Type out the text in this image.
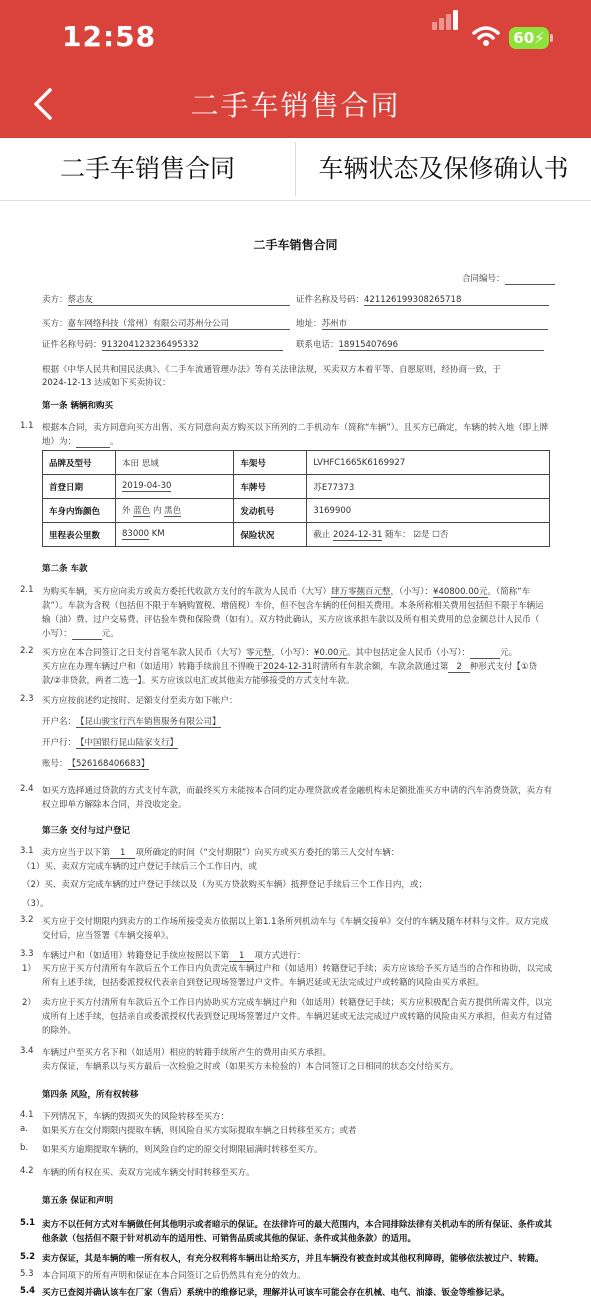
12:58	60⚡
二手车销售合同
二手车销售合同	车辆状态及保修确认书
二手车销售合同
合同编号：
卖方：蔡志友	证件名称及号码：421126199308265718
买方：嘉车网络科技（常州）有限公司苏州分公司	地址：苏州市
证件名称号码：913204123236495332	联系电话：18915407696
根据《中华人民共和国民法典》、《二手车流通管理办法》等有关法律法规，买卖双方本着平等、自愿原则，经协商一致，于
2024-12-13 达成如下买卖协议：
第一条 辆辆和购买
1.1 根据本合同，卖方同意向买方出售、买方同意向卖方购买以下所列的二手机动车（简称“车辆”）。且买方已确定，车辆的转入地（即上牌
地）为：	。
品牌及型号	本田 思域	车架号	LVHFC1665K6169927
首登日期	2019-04-30	车牌号	苏E77373
车身内饰颜色	外 蓝色 内 黑色	发动机号	3169900
里程表公里数	83000 KM	保险状况	截止 2024-12-31 随车： ☑是 ☐否
第二条 车款
2.1 为购买车辆，买方应向卖方或卖方委托代收款方支付的车款为人民币（大写）肆万零捌百元整，（小写）：¥40800.00元。（简称“车
款”）。车款为含税（包括但不限于车辆购置税、增值税）车价，但不包含车辆的任何相关费用。本条所称相关费用包括但不限于车辆运
输（油）费、过户交易费、评估验车费和保险费（如有）。双方特此确认，买方应该承担车款以及所有相关费用的总金额总计人民币（
小写）：	元。
2.2 买方应在本合同签订之日支付首笔车款人民币（大写）零元整，（小写）：¥0.00元。其中包括定金人民币（小写）：	元。
买方应在办理车辆过户和（如适用）转籍手续前且不得晚于2024-12-31时清所有车款余额，车款余款通过第 2 种形式支付【①贷
款/②非贷款，两者二选一】。买方应该以电汇或其他卖方能够接受的方式支付车款。
2.3 买方应按前述约定按时、足额支付至卖方如下帐户：
开户名：【昆山骏宝行汽车销售服务有限公司】
开户行：【中国银行昆山陆家支行】
账号：【526168406683】
2.4 如买方选择通过贷款的方式支付车款，而最终买方未能按本合同约定办理贷款或者金融机构未足额批准买方申请的汽车消费贷款，卖方有
权立即单方解除本合同，并没收定金。
第三条 交付与过户登记
3.1 卖方应当于以下第 1 项所确定的时间（“交付期限”）向买方或买方委托的第三人交付车辆：
（1）买、卖双方完成车辆的过户登记手续后三个工作日内，或
（2）买、卖双方完成车辆的过户登记手续以及（为买方贷款购买车辆）抵押登记手续后三个工作日内，或；
（3）。
3.2 买方应于交付期限内到卖方的工作场所接受卖方依据以上第1.1条所列机动车与《车辆交接单》交付的车辆及随车材料与文件。双方完成
交付后，应当签署《车辆交接单》。
3.3 车辆过户和（如适用）转籍登记手续应按照以下第 1 项方式进行：
1） 买方应于买方付清所有车款后五个工作日内负责完成车辆过户和（如适用）转籍登记手续；卖方应该给予买方适当的合作和协助，以完成
所有上述手续，包括委派授权代表亲自到登记现场签署过户文件。车辆迟延或无法完成过户或转籍的风险由买方承担。
2） 卖方应于买方付清所有车款后五个工作日内协助买方完成车辆过户和（如适用）转籍登记手续；买方应积极配合卖方提供所需文件，以完
成所有上述手续，包括亲自或委派授权代表到登记现场签署过户文件。车辆迟延或无法完成过户或转籍的风险由买方承担，但卖方有过错
的除外。
3.4 车辆过户至买方名下和（如适用）相应的转籍手续所产生的费用由买方承担。
卖方保证，车辆系以与买方最后一次检验之时或（如果买方未检验的）本合同签订之日相同的状态交付给买方。
第四条 风险，所有权转移
4.1 下列情况下，车辆的毁损灭失的风险转移至买方：
a. 如果买方在交付期限内提取车辆，则风险自买方实际提取车辆之日转移至买方；或者
b. 如果买方逾期提取车辆的，则风险自约定的原交付期限届满时转移至买方。
4.2 车辆的所有权在买、卖双方完成车辆交付时转移至买方。
第五条 保证和声明
5.1 卖方不以任何方式对车辆做任何其他明示或者暗示的保证。在法律许可的最大范围内，本合同排除法律有关机动车的所有保证、条件或其
他条款（包括但不限于针对机动车的适用性、可销售品质或其他的保证、条件或其他条款）的适用。
5.2 卖方保证，其是车辆的唯一所有权人，有充分权利将车辆出让给买方，并且车辆没有被查封或其他权利障碍，能够依法被过户、转籍。
5.3 本合同项下的所有声明和保证在本合同签订之后仍然具有充分的效力。
5.4 买方已查阅并确认该车在厂家（售后）系统中的维修记录，理解并认可该车可能会存在机械、电气、油漆、钣金等维修记录。
